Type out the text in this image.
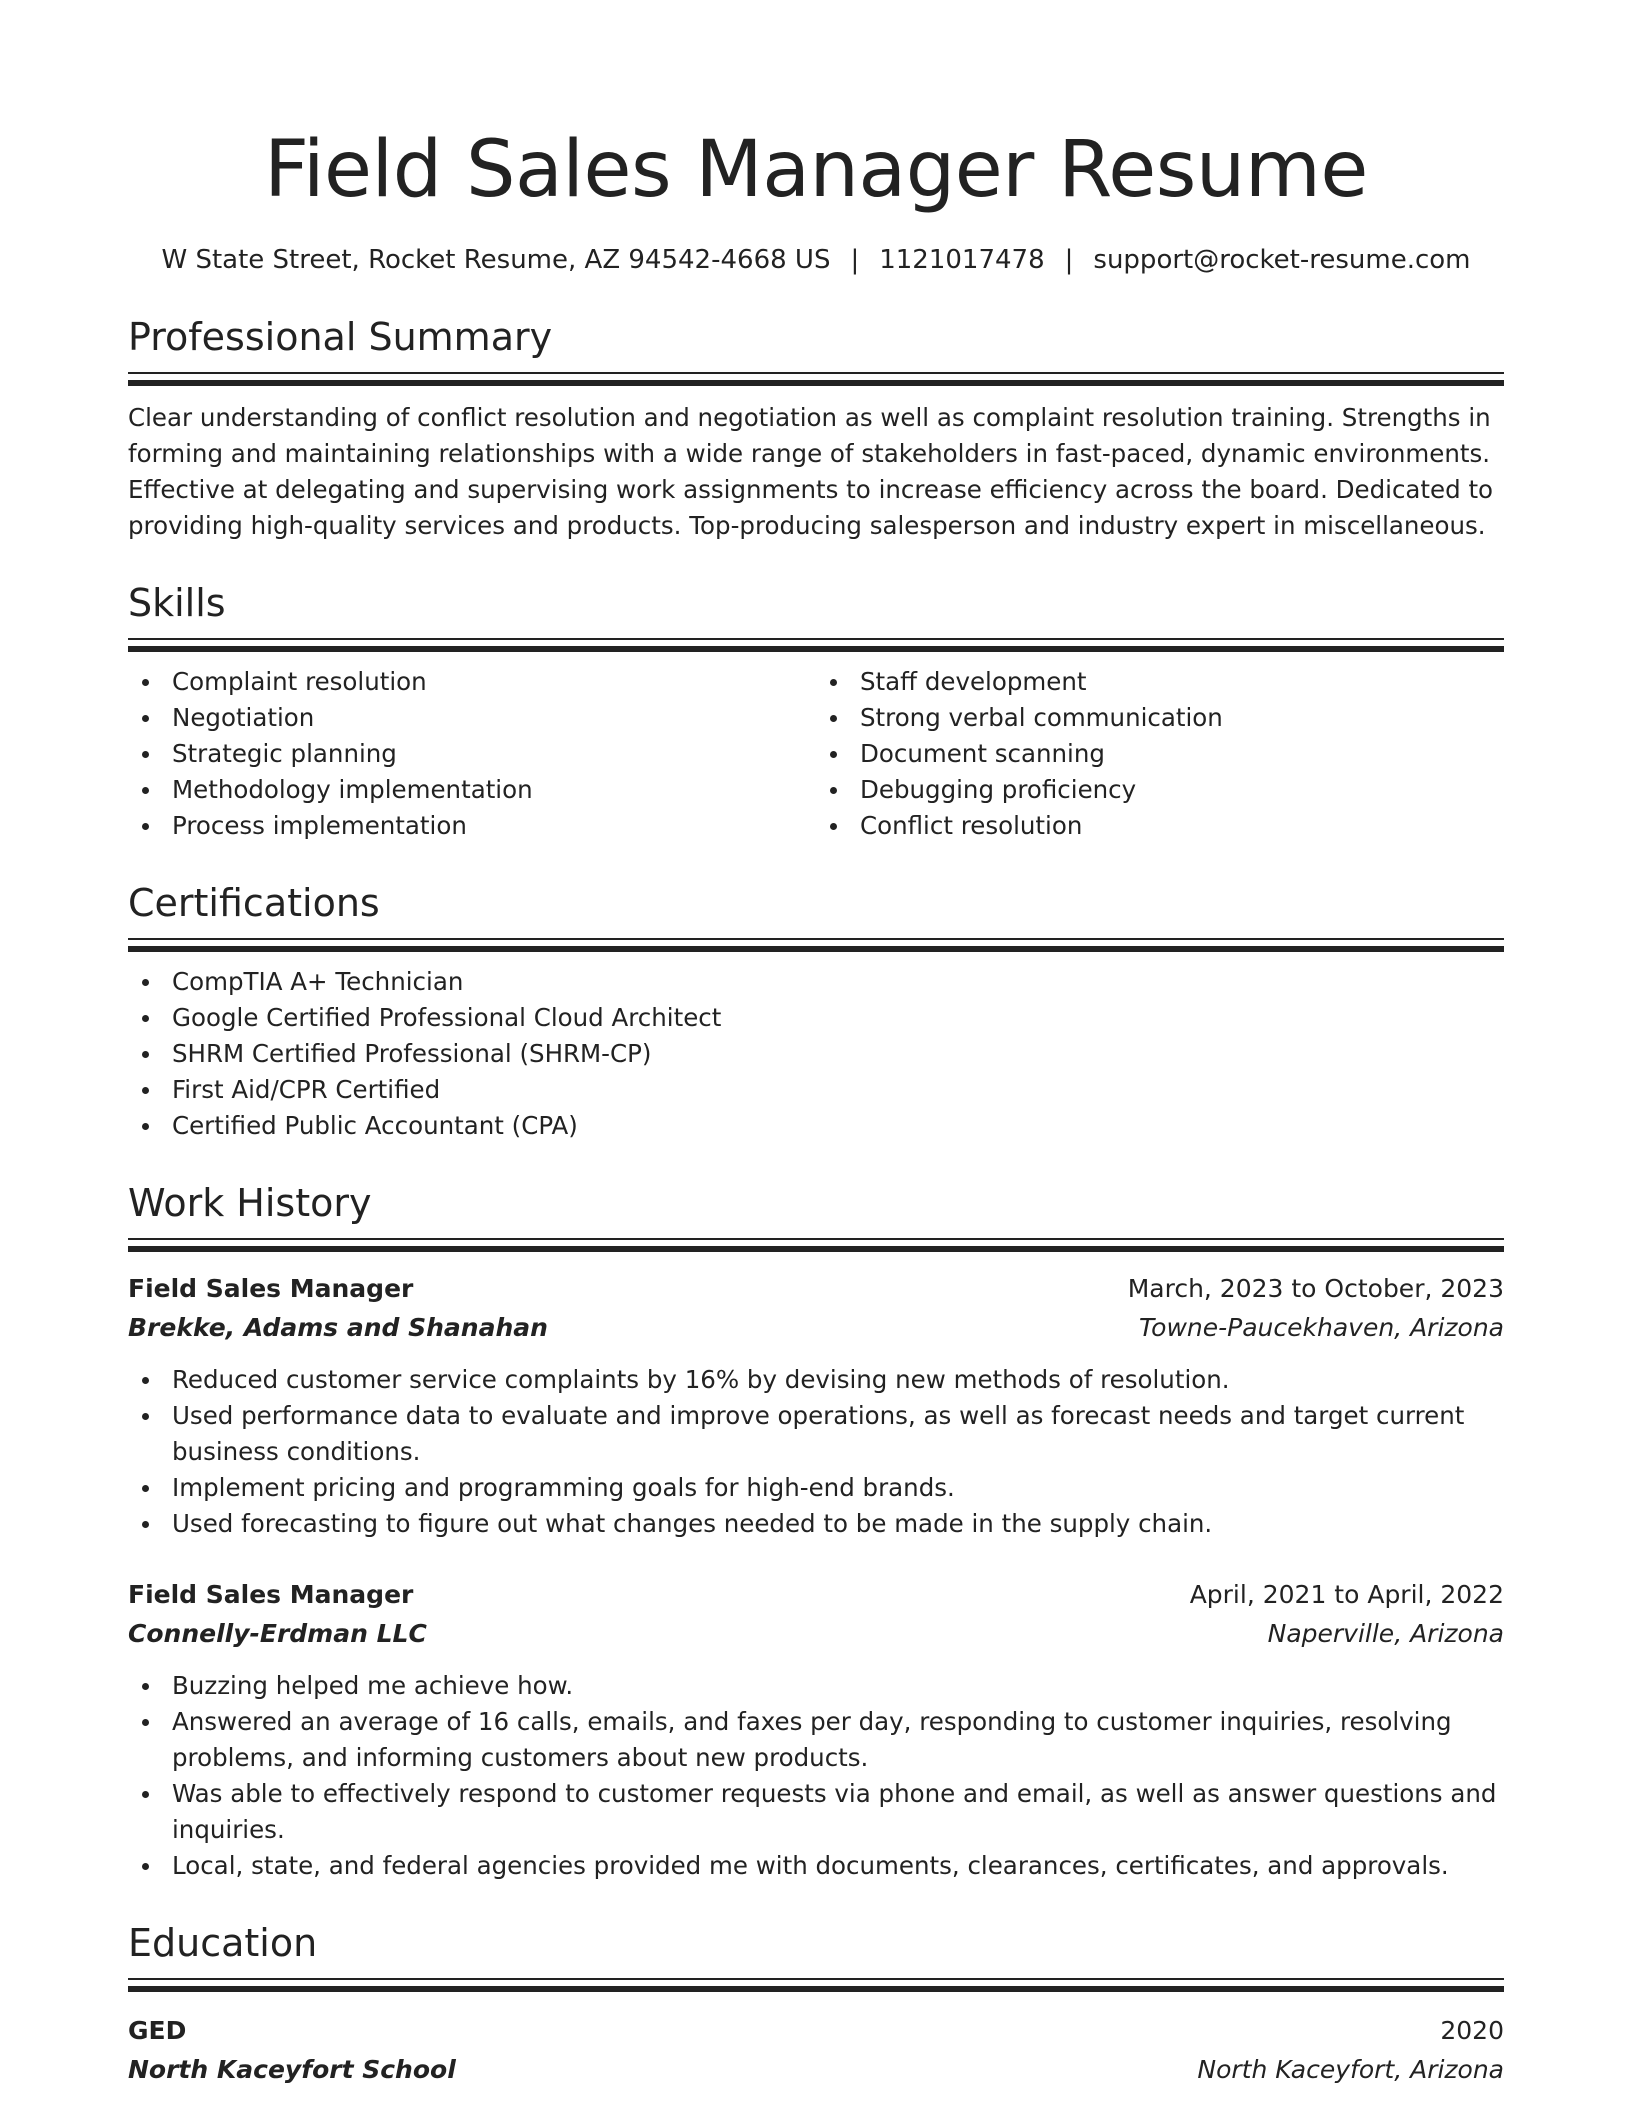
Field Sales Manager Resume
W State Street, Rocket Resume, AZ 94542-4668 US | 1121017478 | support@rocket-resume.com
Professional Summary

Clear understanding of conflict resolution and negotiation as well as complaint resolution training. Strengths in forming and maintaining relationships with a wide range of stakeholders in fast-paced, dynamic environments. Effective at delegating and supervising work assignments to increase efficiency across the board. Dedicated to providing high-quality services and products. Top-producing salesperson and industry expert in miscellaneous.

Skills
Complaint resolution
Negotiation
Strategic planning
Methodology implementation
Process implementation
Staff development
Strong verbal communication
Document scanning
Debugging proficiency
Conflict resolution
Certifications
CompTIA A+ Technician
Google Certified Professional Cloud Architect
SHRM Certified Professional (SHRM-CP)
First Aid/CPR Certified
Certified Public Accountant (CPA)
Work History
Field Sales Manager	March, 2023 to October, 2023
Brekke, Adams and Shanahan	Towne-Paucekhaven, Arizona
Reduced customer service complaints by 16% by devising new methods of resolution.
Used performance data to evaluate and improve operations, as well as forecast needs and target current business conditions.
Implement pricing and programming goals for high-end brands.
Used forecasting to figure out what changes needed to be made in the supply chain.
Field Sales Manager	April, 2021 to April, 2022
Connelly-Erdman LLC	Naperville, Arizona
Buzzing helped me achieve how.
Answered an average of 16 calls, emails, and faxes per day, responding to customer inquiries, resolving problems, and informing customers about new products.
Was able to effectively respond to customer requests via phone and email, as well as answer questions and inquiries.
Local, state, and federal agencies provided me with documents, clearances, certificates, and approvals.
Education
GED	2020
North Kaceyfort School	North Kaceyfort, Arizona
